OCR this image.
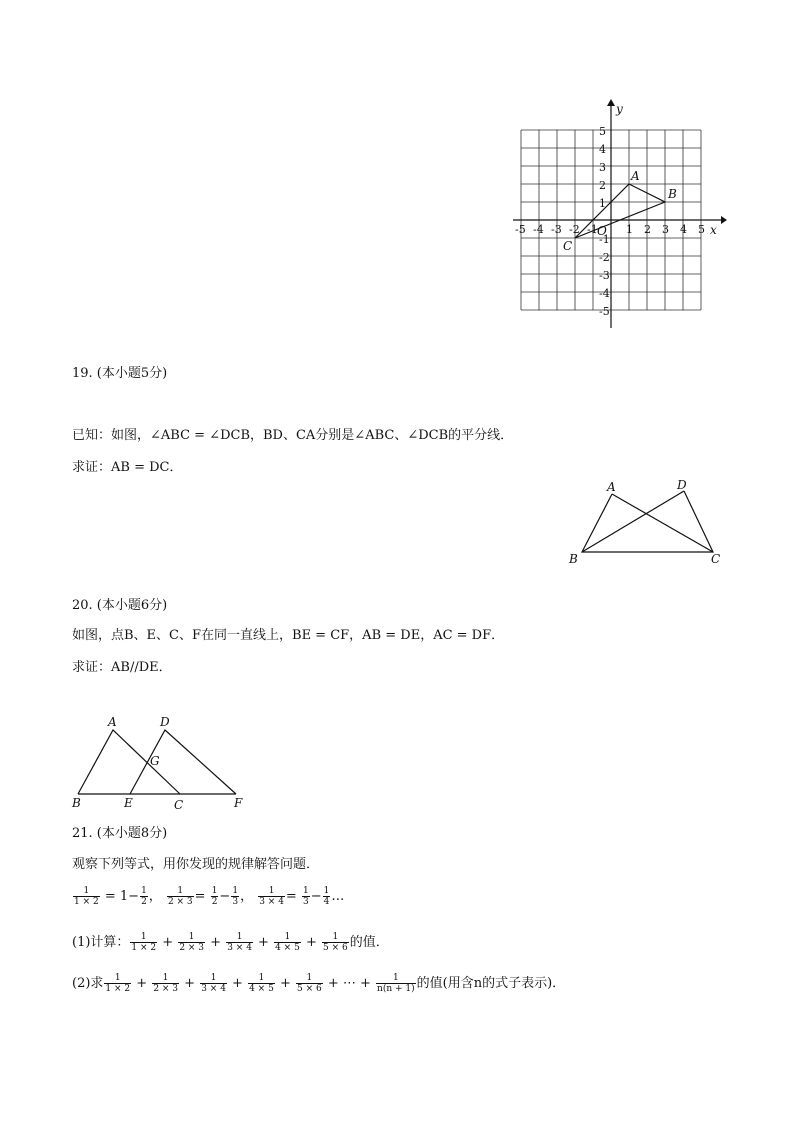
y
x
5
4
3
2
1
-1
-2
-3
-4
-5
-5 -4 -3 -2 -1	1 2 3 4 5
O
A
B
C
19. (本小题5分)
已知：如图，∠ABC = ∠DCB，BD、CA分别是∠ABC、∠DCB的平分线．
求证：AB = DC．
A	D
B	C
20. (本小题6分)
如图，点B、E、C、F在同一直线上，BE = CF，AB = DE，AC = DF．
求证：AB//DE．
A	D
G
B	E	C	F
21. (本小题8分)
观察下列等式，用你发现的规律解答问题．
$\frac{1}{1 \times 2} = 1- \frac{1}{2}$ ， $\frac{1}{2 \times 3} = \frac{1}{2} - \frac{1}{3}$ ， $\frac{1}{3 \times 4} = \frac{1}{3} - \frac{1}{4}$ …
(1)计算： $\frac{1}{1 \times 2} + \frac{1}{2 \times 3} + \frac{1}{3 \times 4} + \frac{1}{4 \times 5} + \frac{1}{5 \times 6}$ 的值．
(2)求 $\frac{1}{1 \times 2} + \frac{1}{2 \times 3} + \frac{1}{3 \times 4} + \frac{1}{4 \times 5} + \frac{1}{5 \times 6}$ + ⋯ + $\frac{1}{n(n + 1)}$ 的值(用含n的式子表示)．
